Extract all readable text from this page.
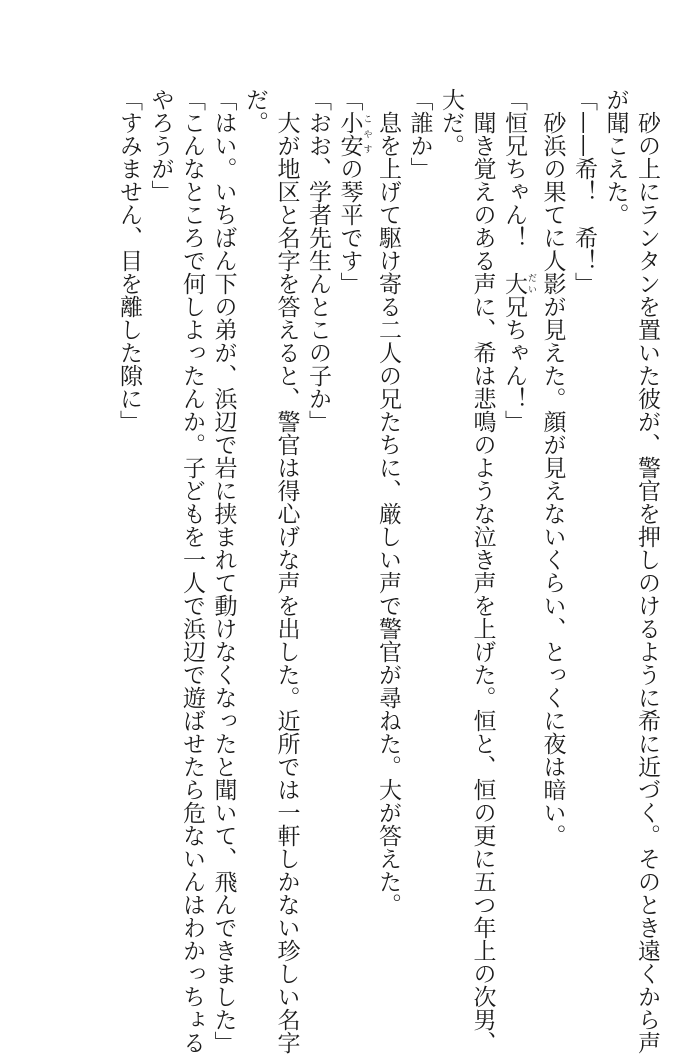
　砂の上にランタンを置いた彼が、警官を押しのけるように希に近づく。そのとき遠くから声

が聞こえた。

「——希！　希！」

　砂浜の果てに人影が見えた。顔が見えないくらい、とっくに夜は暗い。

「恒兄ちゃん！　大 だい兄ちゃん！」

　聞き覚えのある声に、希は悲鳴のような泣き声を上げた。恒と、恒の更に五つ年上の次男、

大だ。

「誰か」

　息を上げて駆け寄る二人の兄たちに、厳しい声で警官が尋ねた。大が答えた。

「小安 こやすの琴平です」

「おお、学者先生んとこの子か」

　大が地区と名字を答えると、警官は得心げな声を出した。近所では一軒しかない珍しい名字

だ。

「はい。いちばん下の弟が、浜辺で岩に挟まれて動けなくなったと聞いて、飛んできました」

「こんなところで何しよったんか。子どもを一人で浜辺で遊ばせたら危ないんはわかっちょる

やろうが」

「すみません、目を離した隙に」
